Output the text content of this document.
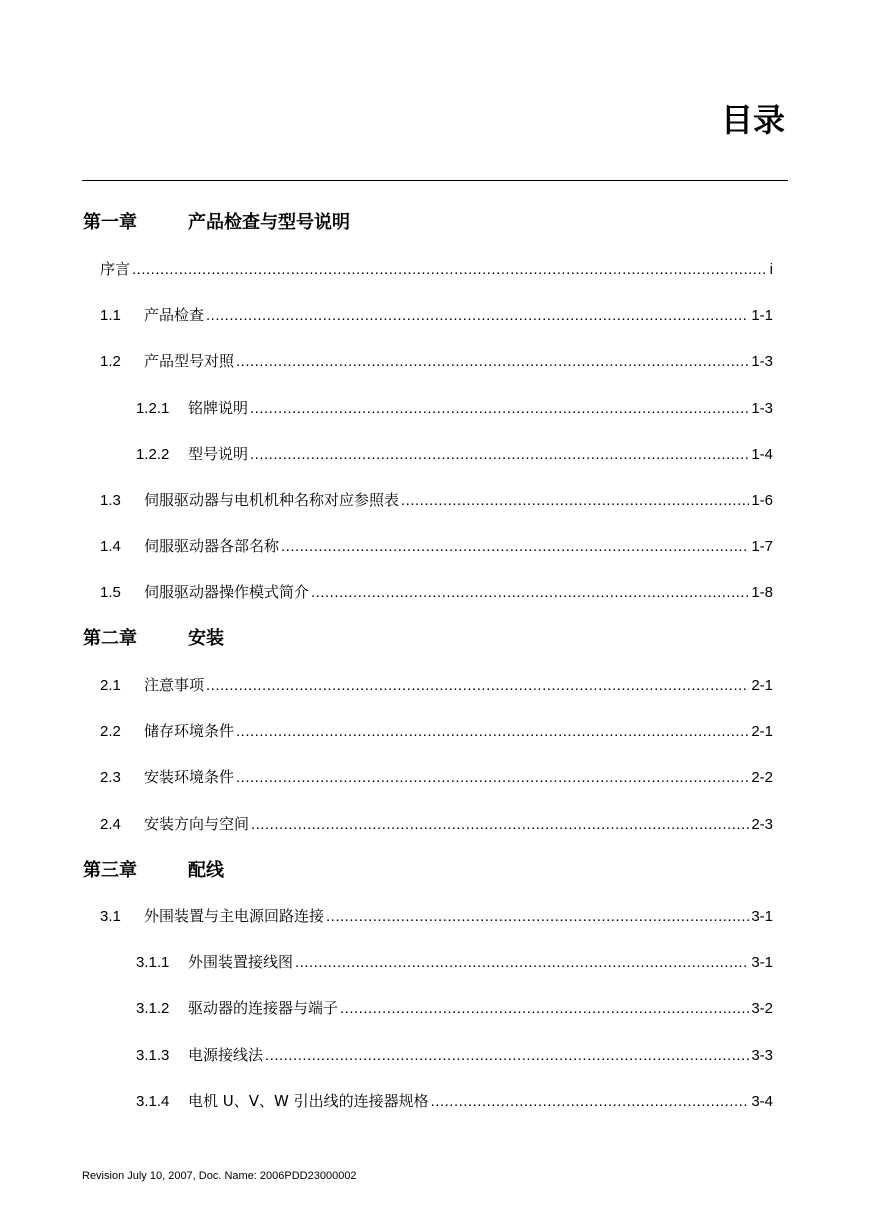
目录
第一章	产品检查与型号说明
序言 .....	i
1.1	产品检查 .....	1-1
1.2	产品型号对照 .....	1-3
1.2.1	铭牌说明 .....	1-3
1.2.2	型号说明 .....	1-4
1.3	伺服驱动器与电机机种名称对应参照表 .....	1-6
1.4	伺服驱动器各部名称 .....	1-7
1.5	伺服驱动器操作模式简介 .....	1-8
第二章	安装
2.1	注意事项 .....	2-1
2.2	储存环境条件 .....	2-1
2.3	安装环境条件 .....	2-2
2.4	安装方向与空间 .....	2-3
第三章	配线
3.1	外围装置与主电源回路连接 .....	3-1
3.1.1	外围装置接线图 .....	3-1
3.1.2	驱动器的连接器与端子 .....	3-2
3.1.3	电源接线法 .....	3-3
3.1.4	电机 U、V、W 引出线的连接器规格 .....	3-4
Revision July 10, 2007, Doc. Name: 2006PDD23000002
